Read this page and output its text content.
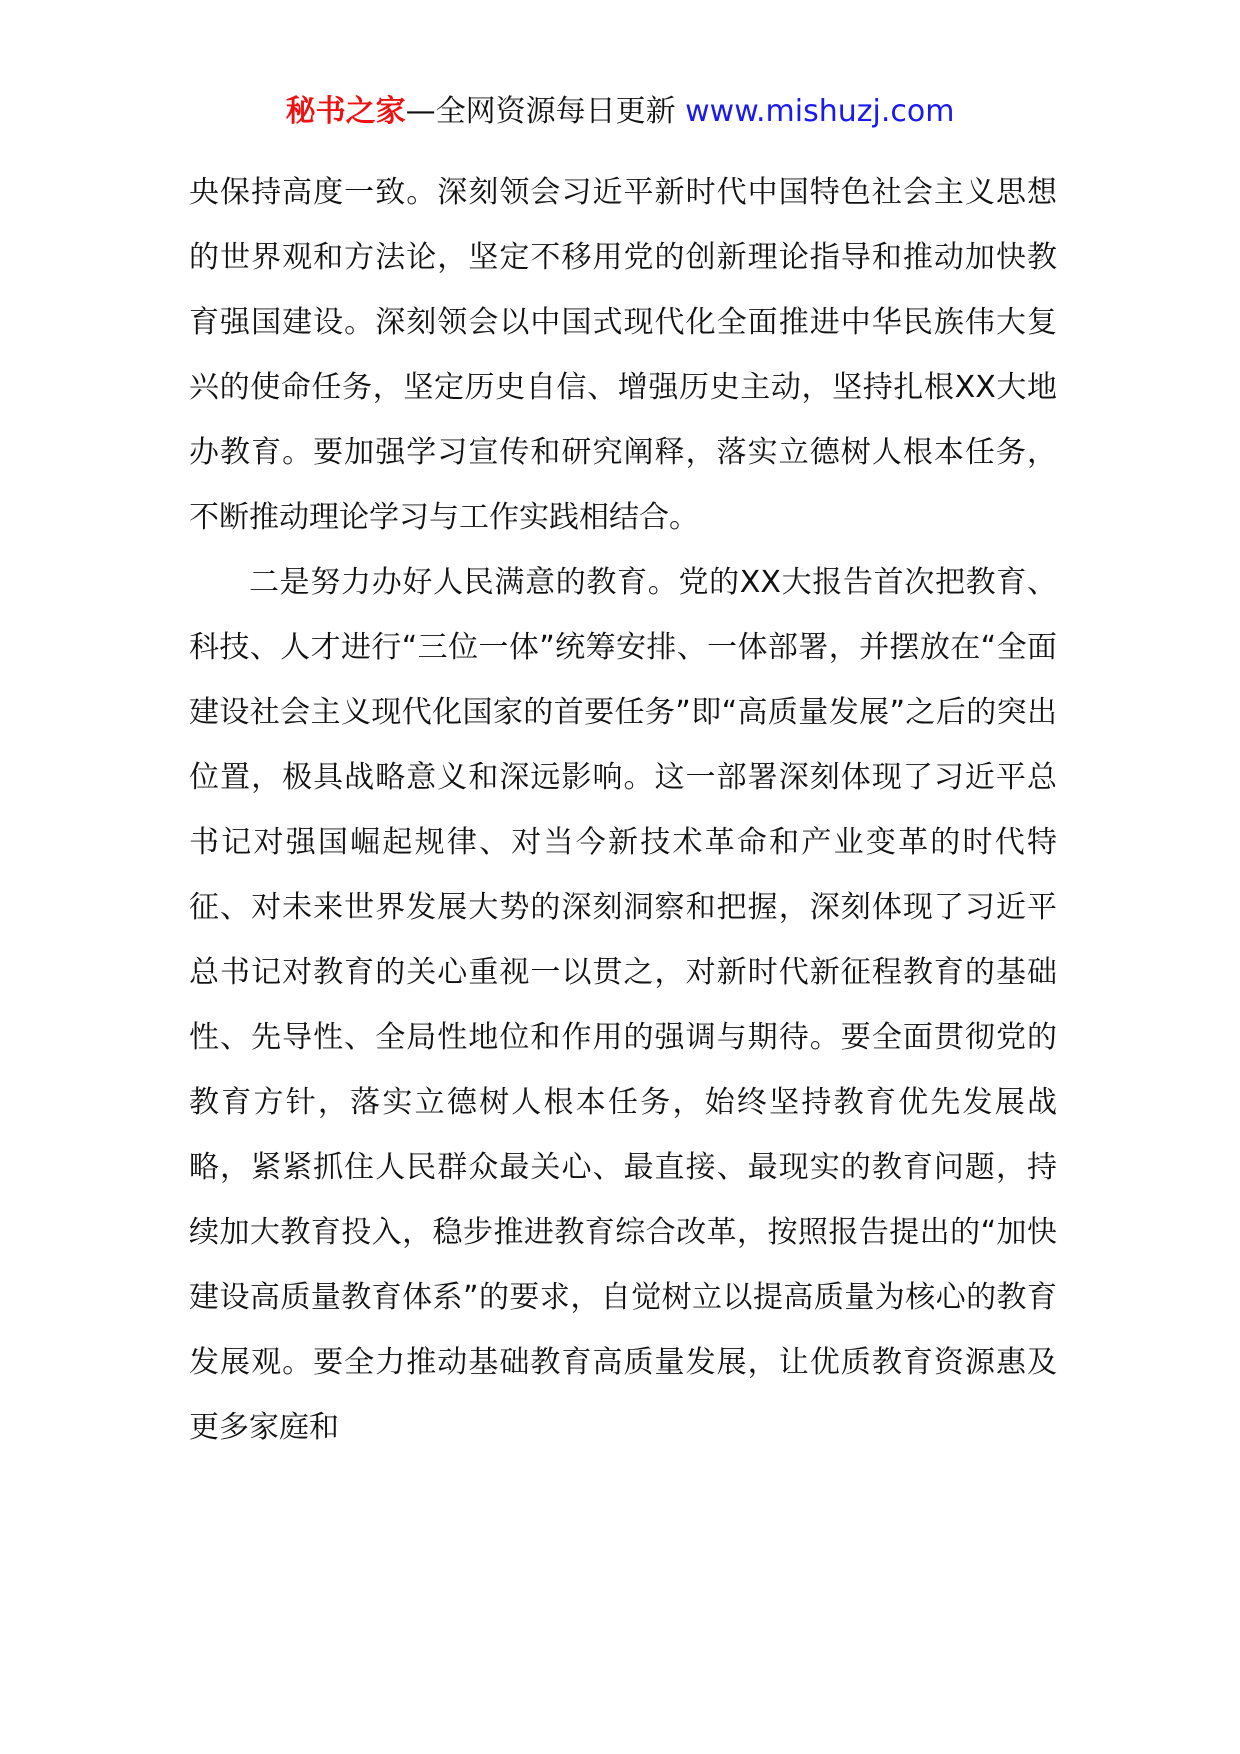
秘书之家—全网资源每日更新 www.mishuzj.com

央保持高度一致。深刻领会习近平新时代中国特色社会主义思想的世界观和方法论，坚定不移用党的创新理论指导和推动加快教育强国建设。深刻领会以中国式现代化全面推进中华民族伟大复兴的使命任务，坚定历史自信、增强历史主动，坚持扎根XX大地办教育。要加强学习宣传和研究阐释，落实立德树人根本任务，不断推动理论学习与工作实践相结合。

二是努力办好人民满意的教育。党的XX大报告首次把教育、科技、人才进行“三位一体”统筹安排、一体部署，并摆放在“全面建设社会主义现代化国家的首要任务”即“高质量发展”之后的突出位置，极具战略意义和深远影响。这一部署深刻体现了习近平总书记对强国崛起规律、对当今新技术革命和产业变革的时代特征、对未来世界发展大势的深刻洞察和把握，深刻体现了习近平总书记对教育的关心重视一以贯之，对新时代新征程教育的基础性、先导性、全局性地位和作用的强调与期待。要全面贯彻党的教育方针，落实立德树人根本任务，始终坚持教育优先发展战略，紧紧抓住人民群众最关心、最直接、最现实的教育问题，持续加大教育投入，稳步推进教育综合改革，按照报告提出的“加快建设高质量教育体系”的要求，自觉树立以提高质量为核心的教育发展观。要全力推动基础教育高质量发展，让优质教育资源惠及更多家庭和
